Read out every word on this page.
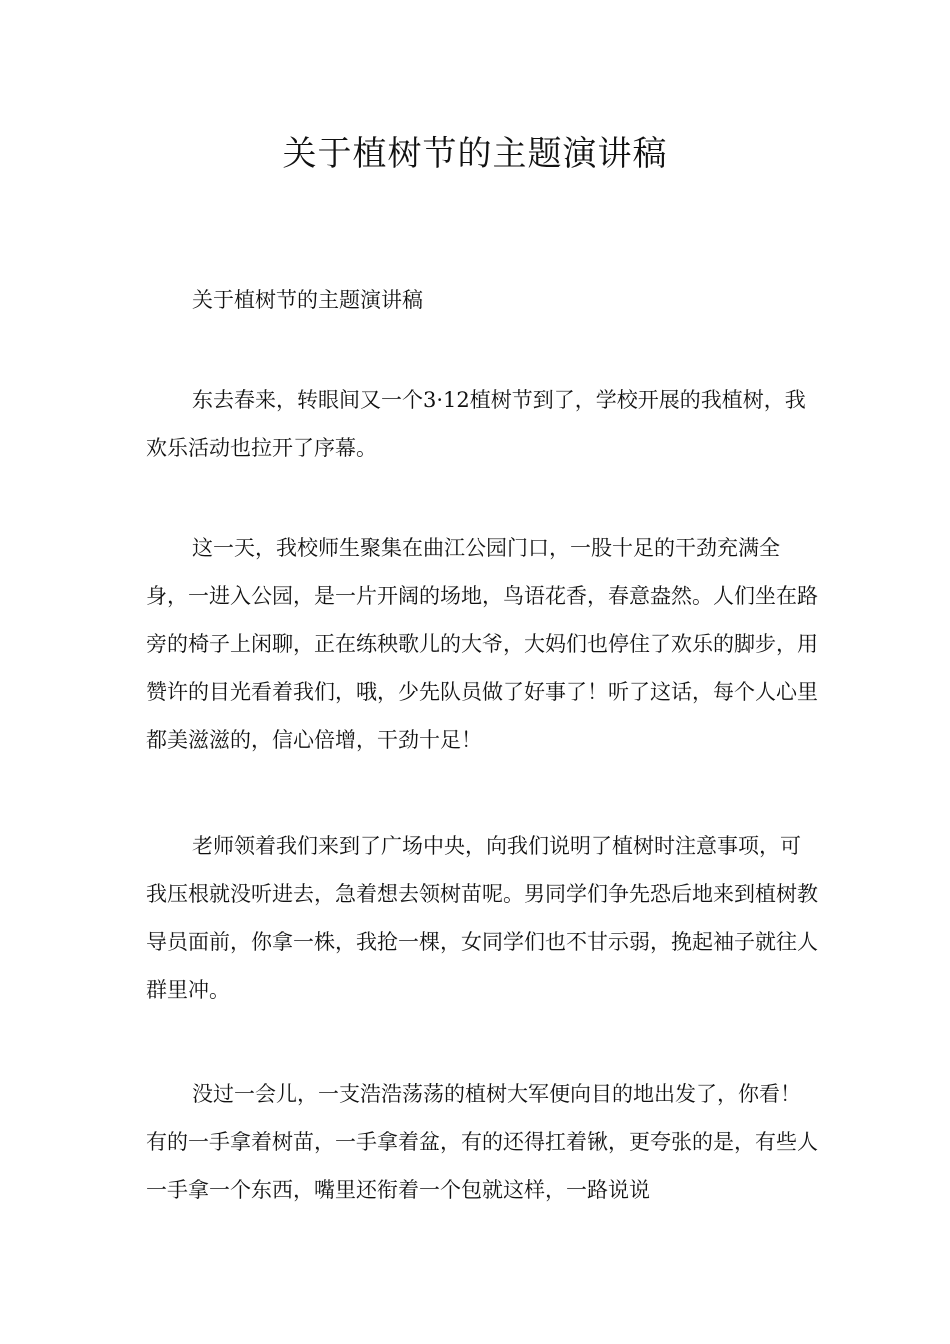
关于植树节的主题演讲稿

关于植树节的主题演讲稿

东去春来，转眼间又一个3·12植树节到了，学校开展的我植树，我欢乐活动也拉开了序幕。

这一天，我校师生聚集在曲江公园门口，一股十足的干劲充满全身，一进入公园，是一片开阔的场地，鸟语花香，春意盎然。人们坐在路旁的椅子上闲聊，正在练秧歌儿的大爷，大妈们也停住了欢乐的脚步，用赞许的目光看着我们，哦，少先队员做了好事了！听了这话，每个人心里都美滋滋的，信心倍增，干劲十足！

老师领着我们来到了广场中央，向我们说明了植树时注意事项，可我压根就没听进去，急着想去领树苗呢。男同学们争先恐后地来到植树教导员面前，你拿一株，我抢一棵，女同学们也不甘示弱，挽起袖子就往人群里冲。

没过一会儿，一支浩浩荡荡的植树大军便向目的地出发了，你看！有的一手拿着树苗，一手拿着盆，有的还得扛着锹，更夸张的是，有些人一手拿一个东西，嘴里还衔着一个包就这样，一路说说
